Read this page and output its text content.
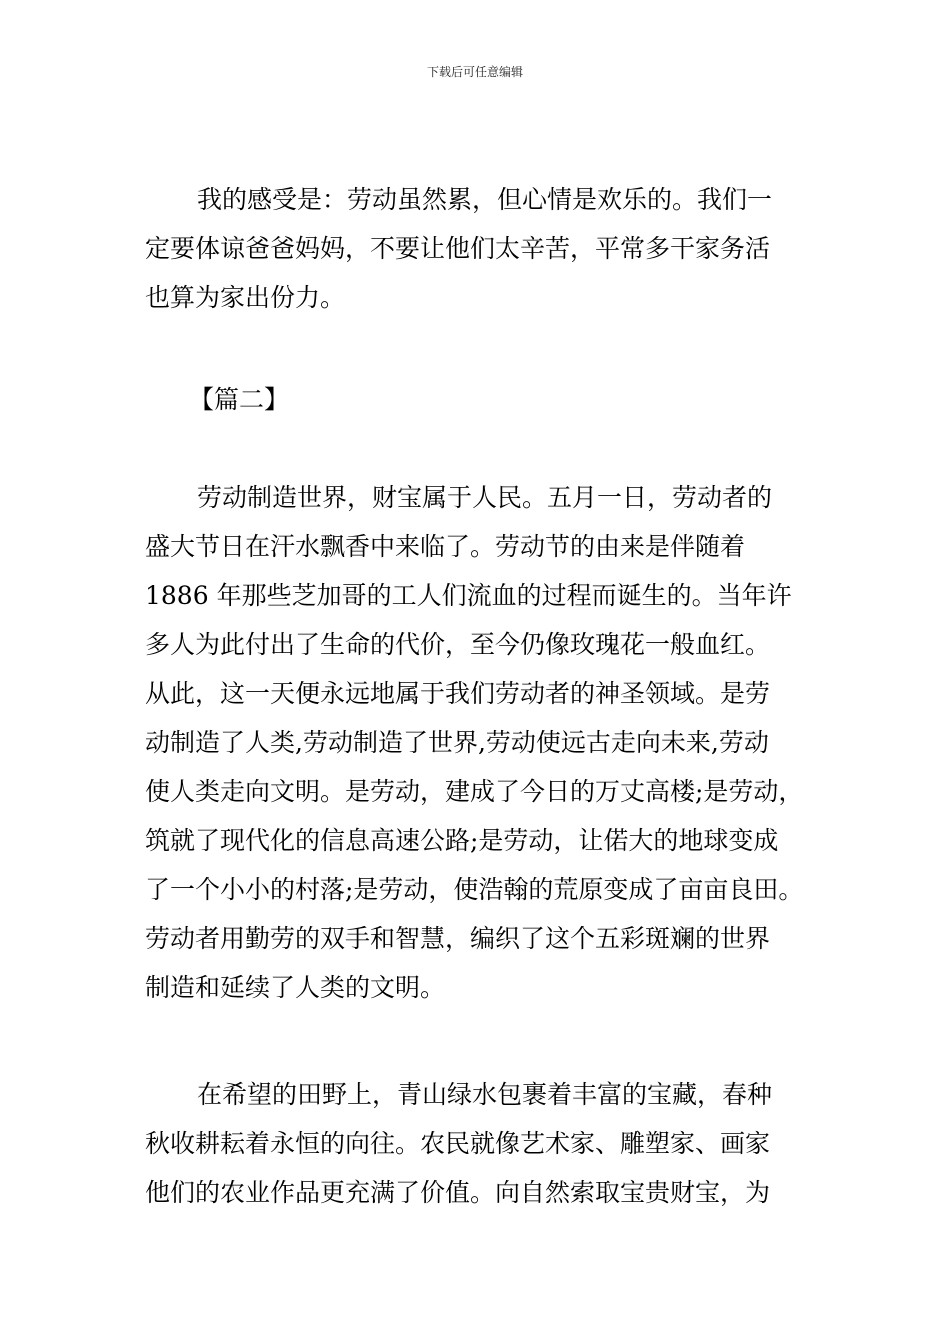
下载后可任意编辑
我的感受是：劳动虽然累，但心情是欢乐的。我们一
定要体谅爸爸妈妈，不要让他们太辛苦，平常多干家务活
也算为家出份力。
【篇二】
劳动制造世界，财宝属于人民。五月一日，劳动者的
盛大节日在汗水飘香中来临了。劳动节的由来是伴随着
1886 年那些芝加哥的工人们流血的过程而诞生的。当年许
多人为此付出了生命的代价，至今仍像玫瑰花一般血红。
从此，这一天便永远地属于我们劳动者的神圣领域。是劳
动制造了人类,劳动制造了世界,劳动使远古走向未来,劳动
使人类走向文明。是劳动，建成了今日的万丈高楼;是劳动，
筑就了现代化的信息高速公路;是劳动，让偌大的地球变成
了一个小小的村落;是劳动，使浩翰的荒原变成了亩亩良田。
劳动者用勤劳的双手和智慧，编织了这个五彩斑斓的世界
制造和延续了人类的文明。
在希望的田野上，青山绿水包裹着丰富的宝藏，春种
秋收耕耘着永恒的向往。农民就像艺术家、雕塑家、画家
他们的农业作品更充满了价值。向自然索取宝贵财宝，为
